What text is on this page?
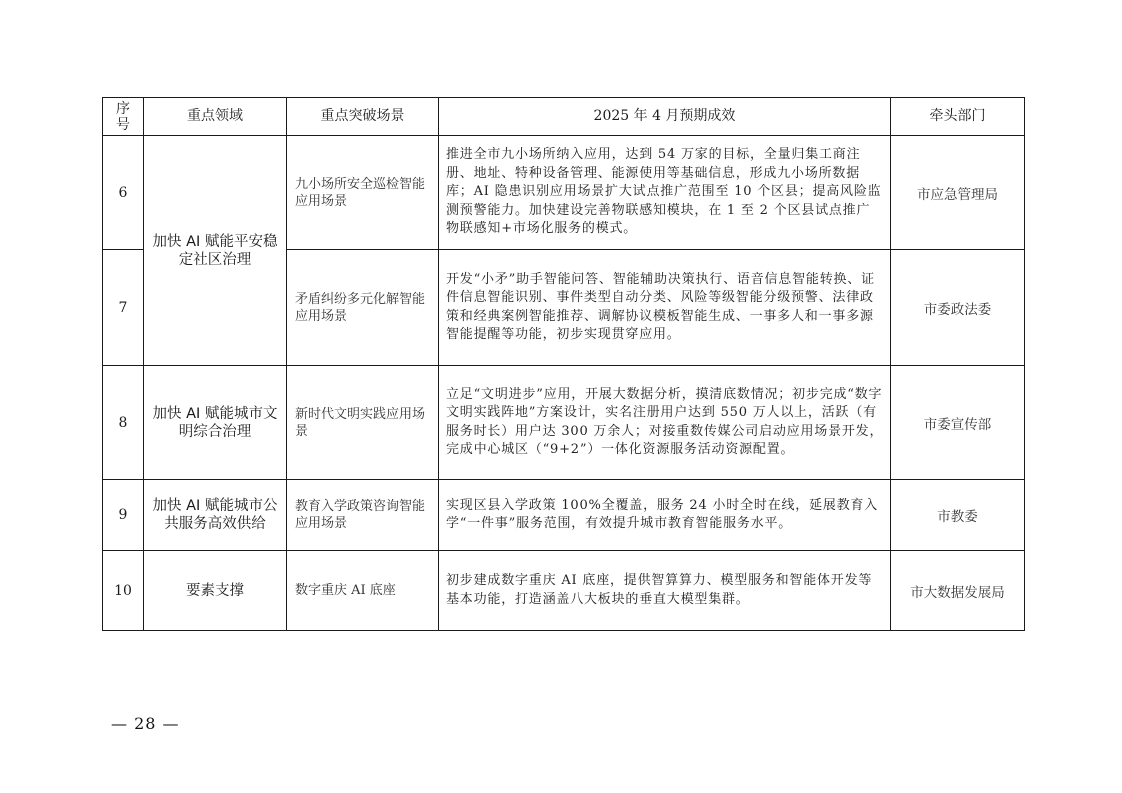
序号	重点领域	重点突破场景	2025 年 4 月预期成效	牵头部门
6	加快 AI 赋能平安稳定社区治理	九小场所安全巡检智能应用场景	推进全市九小场所纳入应用，达到 54 万家的目标，全量归集工商注册、地址、特种设备管理、能源使用等基础信息，形成九小场所数据库；AI 隐患识别应用场景扩大试点推广范围至 10 个区县；提高风险监测预警能力。加快建设完善物联感知模块，在 1 至 2 个区县试点推广物联感知+市场化服务的模式。	市应急管理局
7		矛盾纠纷多元化解智能应用场景	开发“小矛”助手智能问答、智能辅助决策执行、语音信息智能转换、证件信息智能识别、事件类型自动分类、风险等级智能分级预警、法律政策和经典案例智能推荐、调解协议模板智能生成、一事多人和一事多源智能提醒等功能，初步实现贯穿应用。	市委政法委
8	加快 AI 赋能城市文明综合治理	新时代文明实践应用场景	立足“文明进步”应用，开展大数据分析，摸清底数情况；初步完成“数字文明实践阵地”方案设计，实名注册用户达到 550 万人以上，活跃（有服务时长）用户达 300 万余人；对接重数传媒公司启动应用场景开发，完成中心城区（“9+2”）一体化资源服务活动资源配置。	市委宣传部
9	加快 AI 赋能城市公共服务高效供给	教育入学政策咨询智能应用场景	实现区县入学政策 100%全覆盖，服务 24 小时全时在线，延展教育入学“一件事”服务范围，有效提升城市教育智能服务水平。	市教委
10	要素支撑	数字重庆 AI 底座	初步建成数字重庆 AI 底座，提供智算算力、模型服务和智能体开发等基本功能，打造涵盖八大板块的垂直大模型集群。	市大数据发展局
— 28 —
